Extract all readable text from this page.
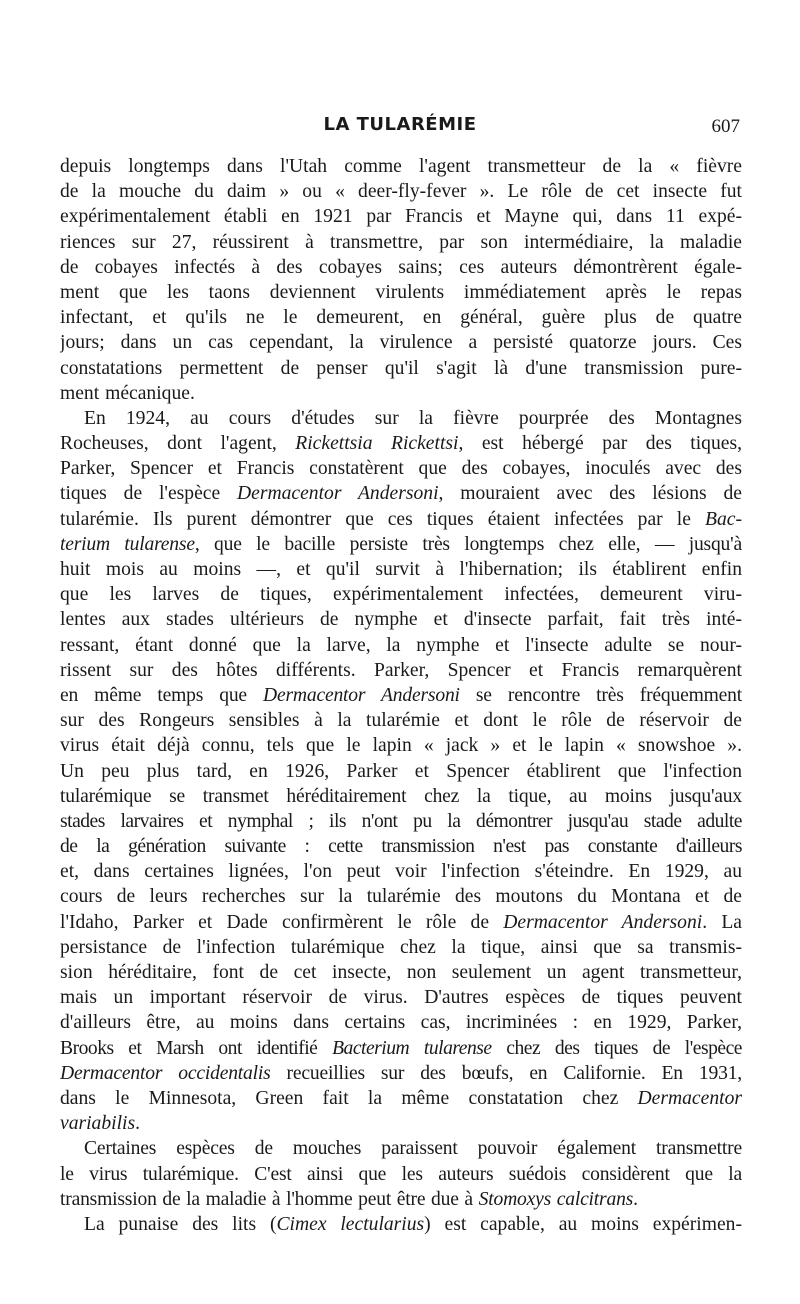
LA TULARÉMIE	607
depuis longtemps dans l'Utah comme l'agent transmetteur de la « fièvre
de la mouche du daim » ou « deer-fly-fever ». Le rôle de cet insecte fut
expérimentalement établi en 1921 par Francis et Mayne qui, dans 11 expé-
riences sur 27, réussirent à transmettre, par son intermédiaire, la maladie
de cobayes infectés à des cobayes sains; ces auteurs démontrèrent égale-
ment que les taons deviennent virulents immédiatement après le repas
infectant, et qu'ils ne le demeurent, en général, guère plus de quatre
jours; dans un cas cependant, la virulence a persisté quatorze jours. Ces
constatations permettent de penser qu'il s'agit là d'une transmission pure-
ment mécanique.
En 1924, au cours d'études sur la fièvre pourprée des Montagnes
Rocheuses, dont l'agent, Rickettsia Rickettsi, est hébergé par des tiques,
Parker, Spencer et Francis constatèrent que des cobayes, inoculés avec des
tiques de l'espèce Dermacentor Andersoni, mouraient avec des lésions de
tularémie. Ils purent démontrer que ces tiques étaient infectées par le Bac-
terium tularense, que le bacille persiste très longtemps chez elle, — jusqu'à
huit mois au moins —, et qu'il survit à l'hibernation; ils établirent enfin
que les larves de tiques, expérimentalement infectées, demeurent viru-
lentes aux stades ultérieurs de nymphe et d'insecte parfait, fait très inté-
ressant, étant donné que la larve, la nymphe et l'insecte adulte se nour-
rissent sur des hôtes différents. Parker, Spencer et Francis remarquèrent
en même temps que Dermacentor Andersoni se rencontre très fréquemment
sur des Rongeurs sensibles à la tularémie et dont le rôle de réservoir de
virus était déjà connu, tels que le lapin « jack » et le lapin « snowshoe ».
Un peu plus tard, en 1926, Parker et Spencer établirent que l'infection
tularémique se transmet héréditairement chez la tique, au moins jusqu'aux
stades larvaires et nymphal ; ils n'ont pu la démontrer jusqu'au stade adulte
de la génération suivante : cette transmission n'est pas constante d'ailleurs
et, dans certaines lignées, l'on peut voir l'infection s'éteindre. En 1929, au
cours de leurs recherches sur la tularémie des moutons du Montana et de
l'Idaho, Parker et Dade confirmèrent le rôle de Dermacentor Andersoni. La
persistance de l'infection tularémique chez la tique, ainsi que sa transmis-
sion héréditaire, font de cet insecte, non seulement un agent transmetteur,
mais un important réservoir de virus. D'autres espèces de tiques peuvent
d'ailleurs être, au moins dans certains cas, incriminées : en 1929, Parker,
Brooks et Marsh ont identifié Bacterium tularense chez des tiques de l'espèce
Dermacentor occidentalis recueillies sur des bœufs, en Californie. En 1931,
dans le Minnesota, Green fait la même constatation chez Dermacentor
variabilis.
Certaines espèces de mouches paraissent pouvoir également transmettre
le virus tularémique. C'est ainsi que les auteurs suédois considèrent que la
transmission de la maladie à l'homme peut être due à Stomoxys calcitrans.
La punaise des lits (Cimex lectularius) est capable, au moins expérimen-
